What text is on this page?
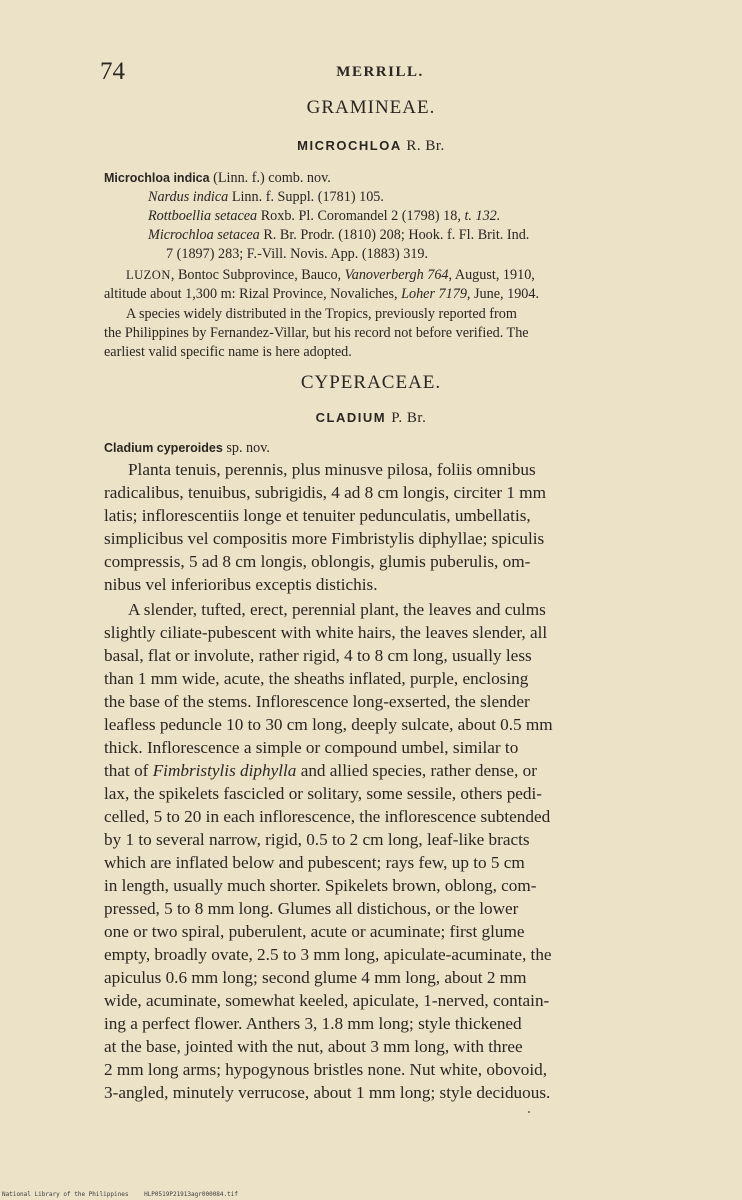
74	MERRILL.
GRAMINEAE.
MICROCHLOA R. Br.
Microchloa indica (Linn. f.) comb. nov.
Nardus indica Linn. f. Suppl. (1781) 105.
Rottboellia setacea Roxb. Pl. Coromandel 2 (1798) 18, t. 132.
Microchloa setacea R. Br. Prodr. (1810) 208; Hook. f. Fl. Brit. Ind.
7 (1897) 283; F.-Vill. Novis. App. (1883) 319.
LUZON, Bontoc Subprovince, Bauco, Vanoverbergh 764, August, 1910,
altitude about 1,300 m: Rizal Province, Novaliches, Loher 7179, June, 1904.
A species widely distributed in the Tropics, previously reported from
the Philippines by Fernandez-Villar, but his record not before verified. The
earliest valid specific name is here adopted.
CYPERACEAE.
CLADIUM P. Br.
Cladium cyperoides sp. nov.
Planta tenuis, perennis, plus minusve pilosa, foliis omnibus
radicalibus, tenuibus, subrigidis, 4 ad 8 cm longis, circiter 1 mm
latis; inflorescentiis longe et tenuiter pedunculatis, umbellatis,
simplicibus vel compositis more Fimbristylis diphyllae; spiculis
compressis, 5 ad 8 cm longis, oblongis, glumis puberulis, om-
nibus vel inferioribus exceptis distichis.
A slender, tufted, erect, perennial plant, the leaves and culms
slightly ciliate-pubescent with white hairs, the leaves slender, all
basal, flat or involute, rather rigid, 4 to 8 cm long, usually less
than 1 mm wide, acute, the sheaths inflated, purple, enclosing
the base of the stems. Inflorescence long-exserted, the slender
leafless peduncle 10 to 30 cm long, deeply sulcate, about 0.5 mm
thick. Inflorescence a simple or compound umbel, similar to
that of Fimbristylis diphylla and allied species, rather dense, or
lax, the spikelets fascicled or solitary, some sessile, others pedi-
celled, 5 to 20 in each inflorescence, the inflorescence subtended
by 1 to several narrow, rigid, 0.5 to 2 cm long, leaf-like bracts
which are inflated below and pubescent; rays few, up to 5 cm
in length, usually much shorter. Spikelets brown, oblong, com-
pressed, 5 to 8 mm long. Glumes all distichous, or the lower
one or two spiral, puberulent, acute or acuminate; first glume
empty, broadly ovate, 2.5 to 3 mm long, apiculate-acuminate, the
apiculus 0.6 mm long; second glume 4 mm long, about 2 mm
wide, acuminate, somewhat keeled, apiculate, 1-nerved, contain-
ing a perfect flower. Anthers 3, 1.8 mm long; style thickened
at the base, jointed with the nut, about 3 mm long, with three
2 mm long arms; hypogynous bristles none. Nut white, obovoid,
3-angled, minutely verrucose, about 1 mm long; style deciduous.
National Library of the Philippines	HLP0519P21913agr000084.tif
